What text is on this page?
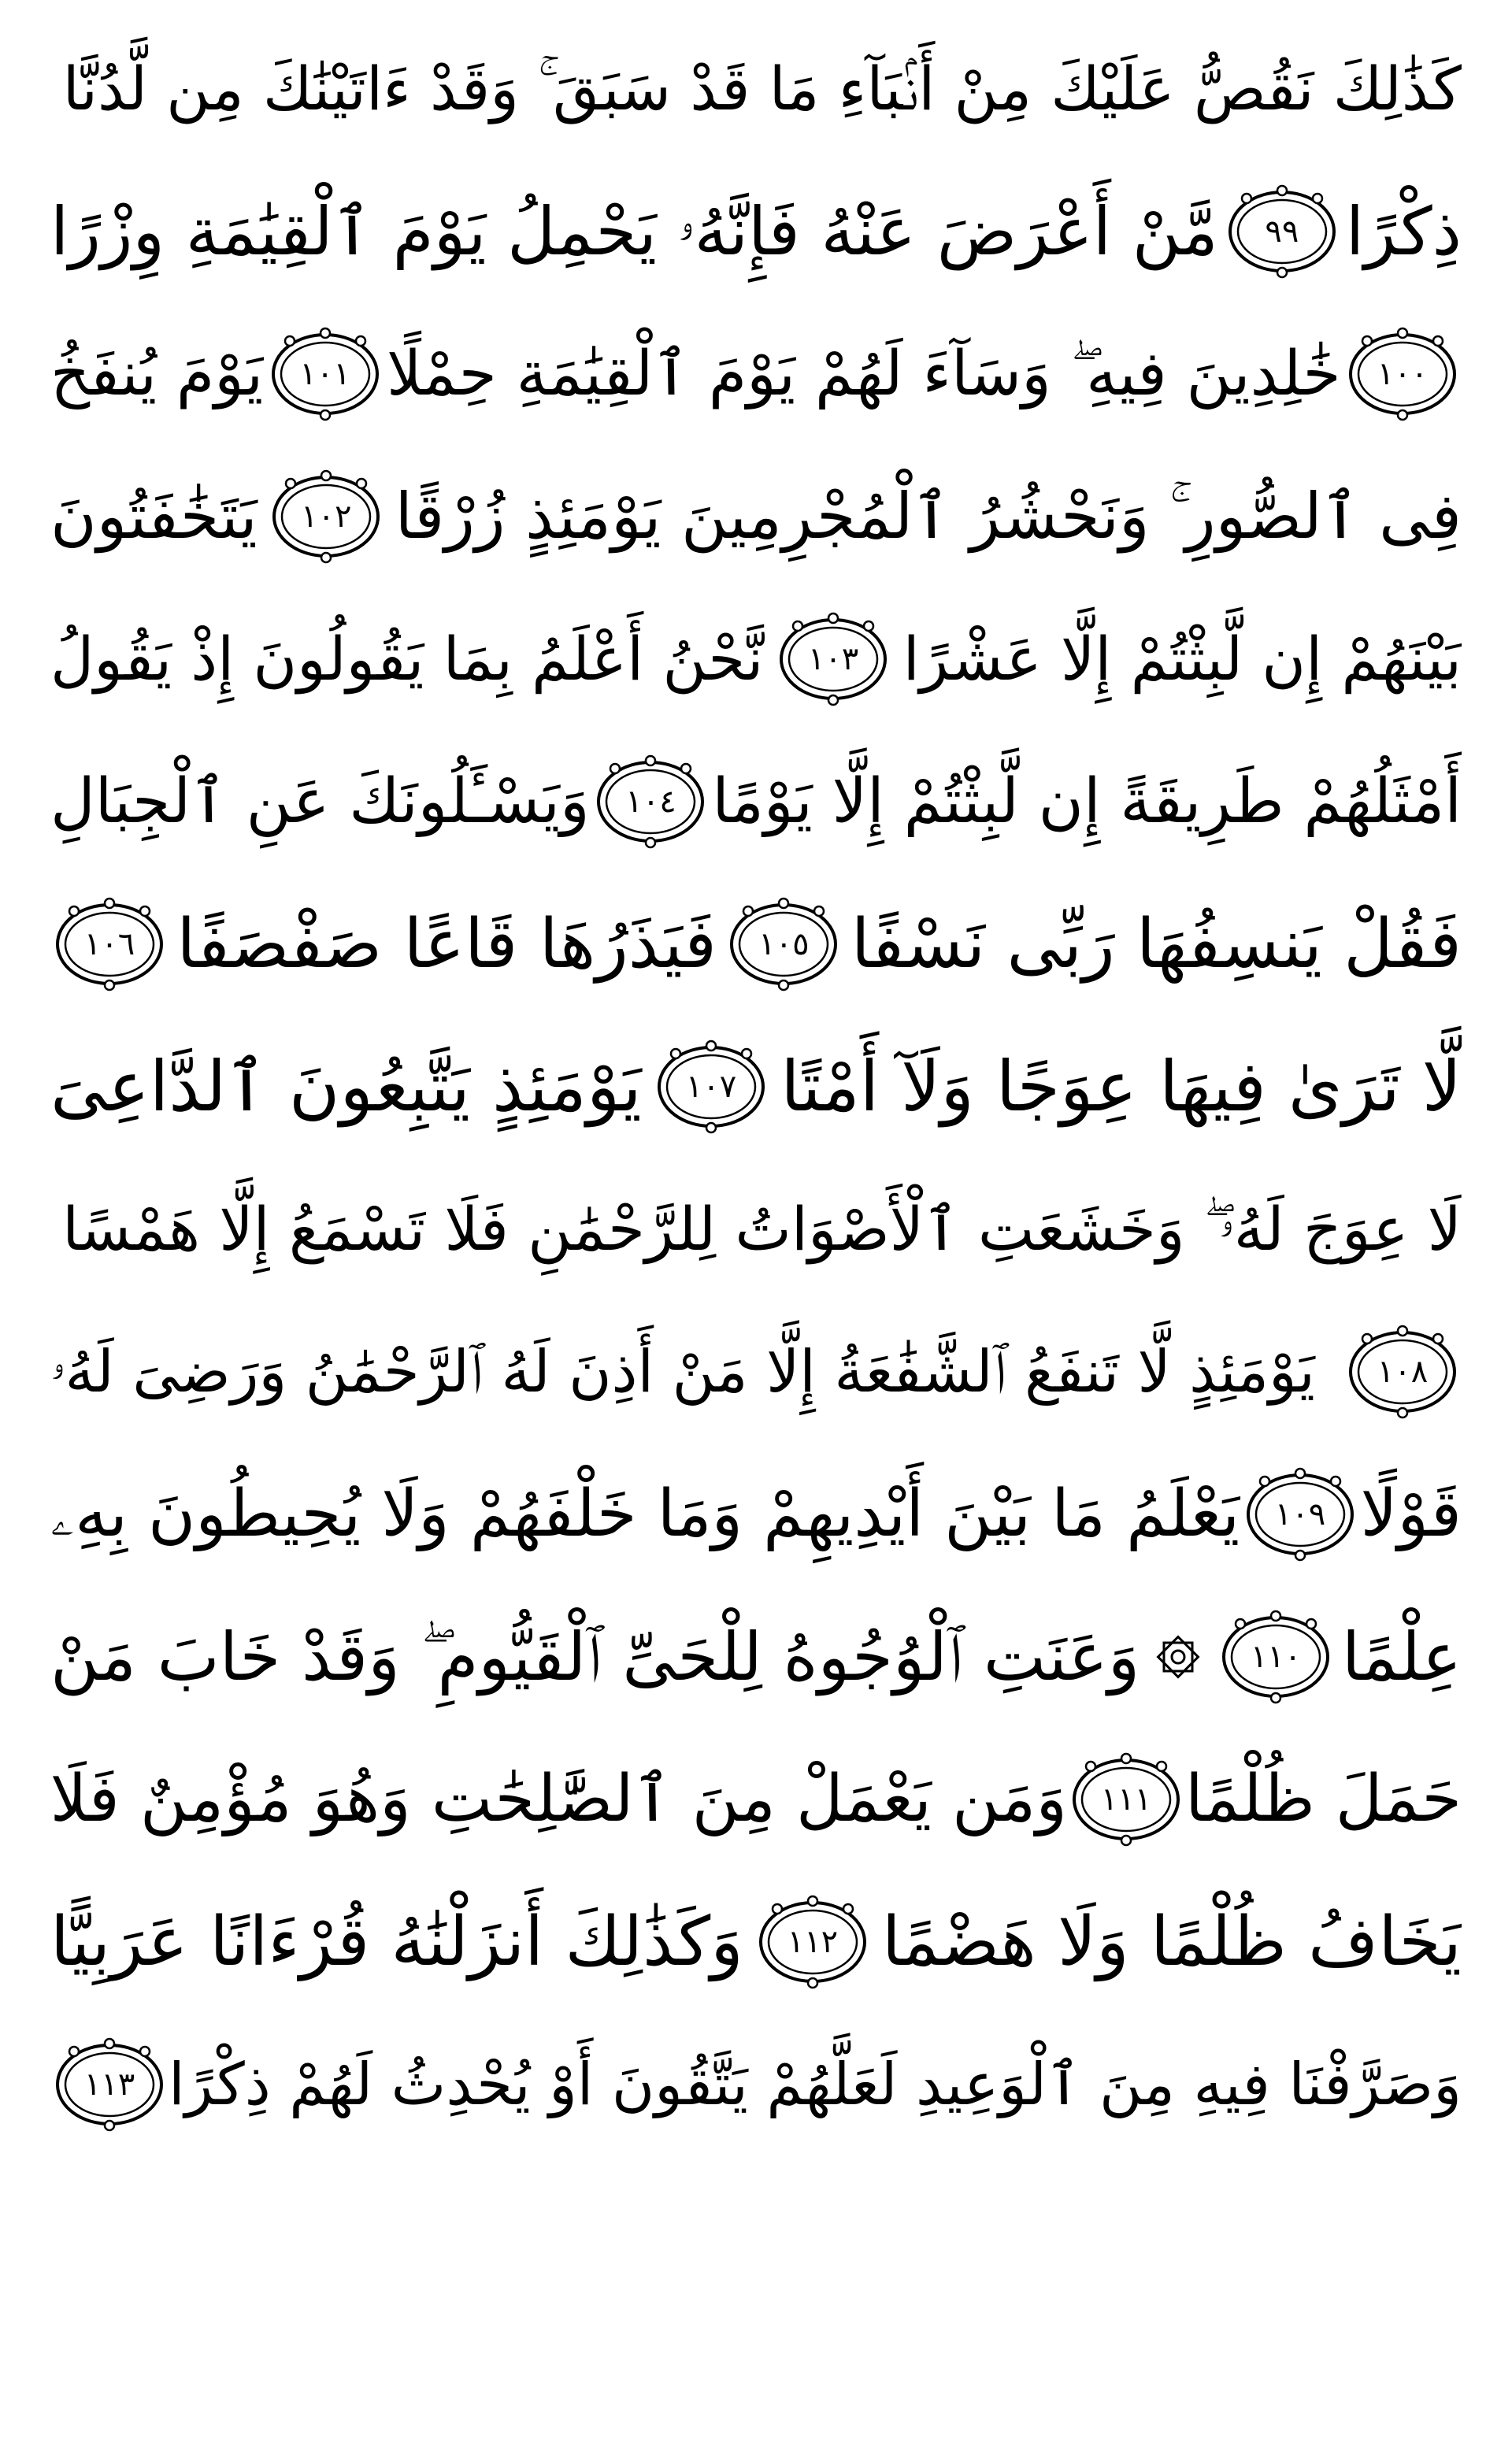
كَذَٰلِكَ نَقُصُّ عَلَيْكَ مِنْ أَنۢبَآءِ مَا قَدْ سَبَقَ ۚ وَقَدْ ءَاتَيْنَٰكَ مِن لَّدُنَّا
ذِكْرًا
٩٩
مَّنْ أَعْرَضَ عَنْهُ فَإِنَّهُۥ يَحْمِلُ يَوْمَ ٱلْقِيَٰمَةِ وِزْرًا
١٠٠
خَٰلِدِينَ فِيهِ ۖ وَسَآءَ لَهُمْ يَوْمَ ٱلْقِيَٰمَةِ حِمْلًا
١٠١
يَوْمَ يُنفَخُ
فِى ٱلصُّورِ ۚ وَنَحْشُرُ ٱلْمُجْرِمِينَ يَوْمَئِذٍ زُرْقًا
١٠٢
يَتَخَٰفَتُونَ
بَيْنَهُمْ إِن لَّبِثْتُمْ إِلَّا عَشْرًا
١٠٣
نَّحْنُ أَعْلَمُ بِمَا يَقُولُونَ إِذْ يَقُولُ
أَمْثَلُهُمْ طَرِيقَةً إِن لَّبِثْتُمْ إِلَّا يَوْمًا
١٠٤
وَيَسْـَٔلُونَكَ عَنِ ٱلْجِبَالِ
فَقُلْ يَنسِفُهَا رَبِّى نَسْفًا
١٠٥
فَيَذَرُهَا قَاعًا صَفْصَفًا
١٠٦
لَّا تَرَىٰ فِيهَا عِوَجًا وَلَآ أَمْتًا
١٠٧
يَوْمَئِذٍ يَتَّبِعُونَ ٱلدَّاعِىَ
لَا عِوَجَ لَهُۥ ۖ وَخَشَعَتِ ٱلْأَصْوَاتُ لِلرَّحْمَٰنِ فَلَا تَسْمَعُ إِلَّا هَمْسًا
١٠٨
يَوْمَئِذٍ لَّا تَنفَعُ ٱلشَّفَٰعَةُ إِلَّا مَنْ أَذِنَ لَهُ ٱلرَّحْمَٰنُ وَرَضِىَ لَهُۥ
قَوْلًا
١٠٩
يَعْلَمُ مَا بَيْنَ أَيْدِيهِمْ وَمَا خَلْفَهُمْ وَلَا يُحِيطُونَ بِهِۦ
عِلْمًا
١١٠
وَعَنَتِ ٱلْوُجُوهُ لِلْحَىِّ ٱلْقَيُّومِ ۖ وَقَدْ خَابَ مَنْ
حَمَلَ ظُلْمًا
١١١
وَمَن يَعْمَلْ مِنَ ٱلصَّٰلِحَٰتِ وَهُوَ مُؤْمِنٌ فَلَا
يَخَافُ ظُلْمًا وَلَا هَضْمًا
١١٢
وَكَذَٰلِكَ أَنزَلْنَٰهُ قُرْءَانًا عَرَبِيًّا
وَصَرَّفْنَا فِيهِ مِنَ ٱلْوَعِيدِ لَعَلَّهُمْ يَتَّقُونَ أَوْ يُحْدِثُ لَهُمْ ذِكْرًا
١١٣
